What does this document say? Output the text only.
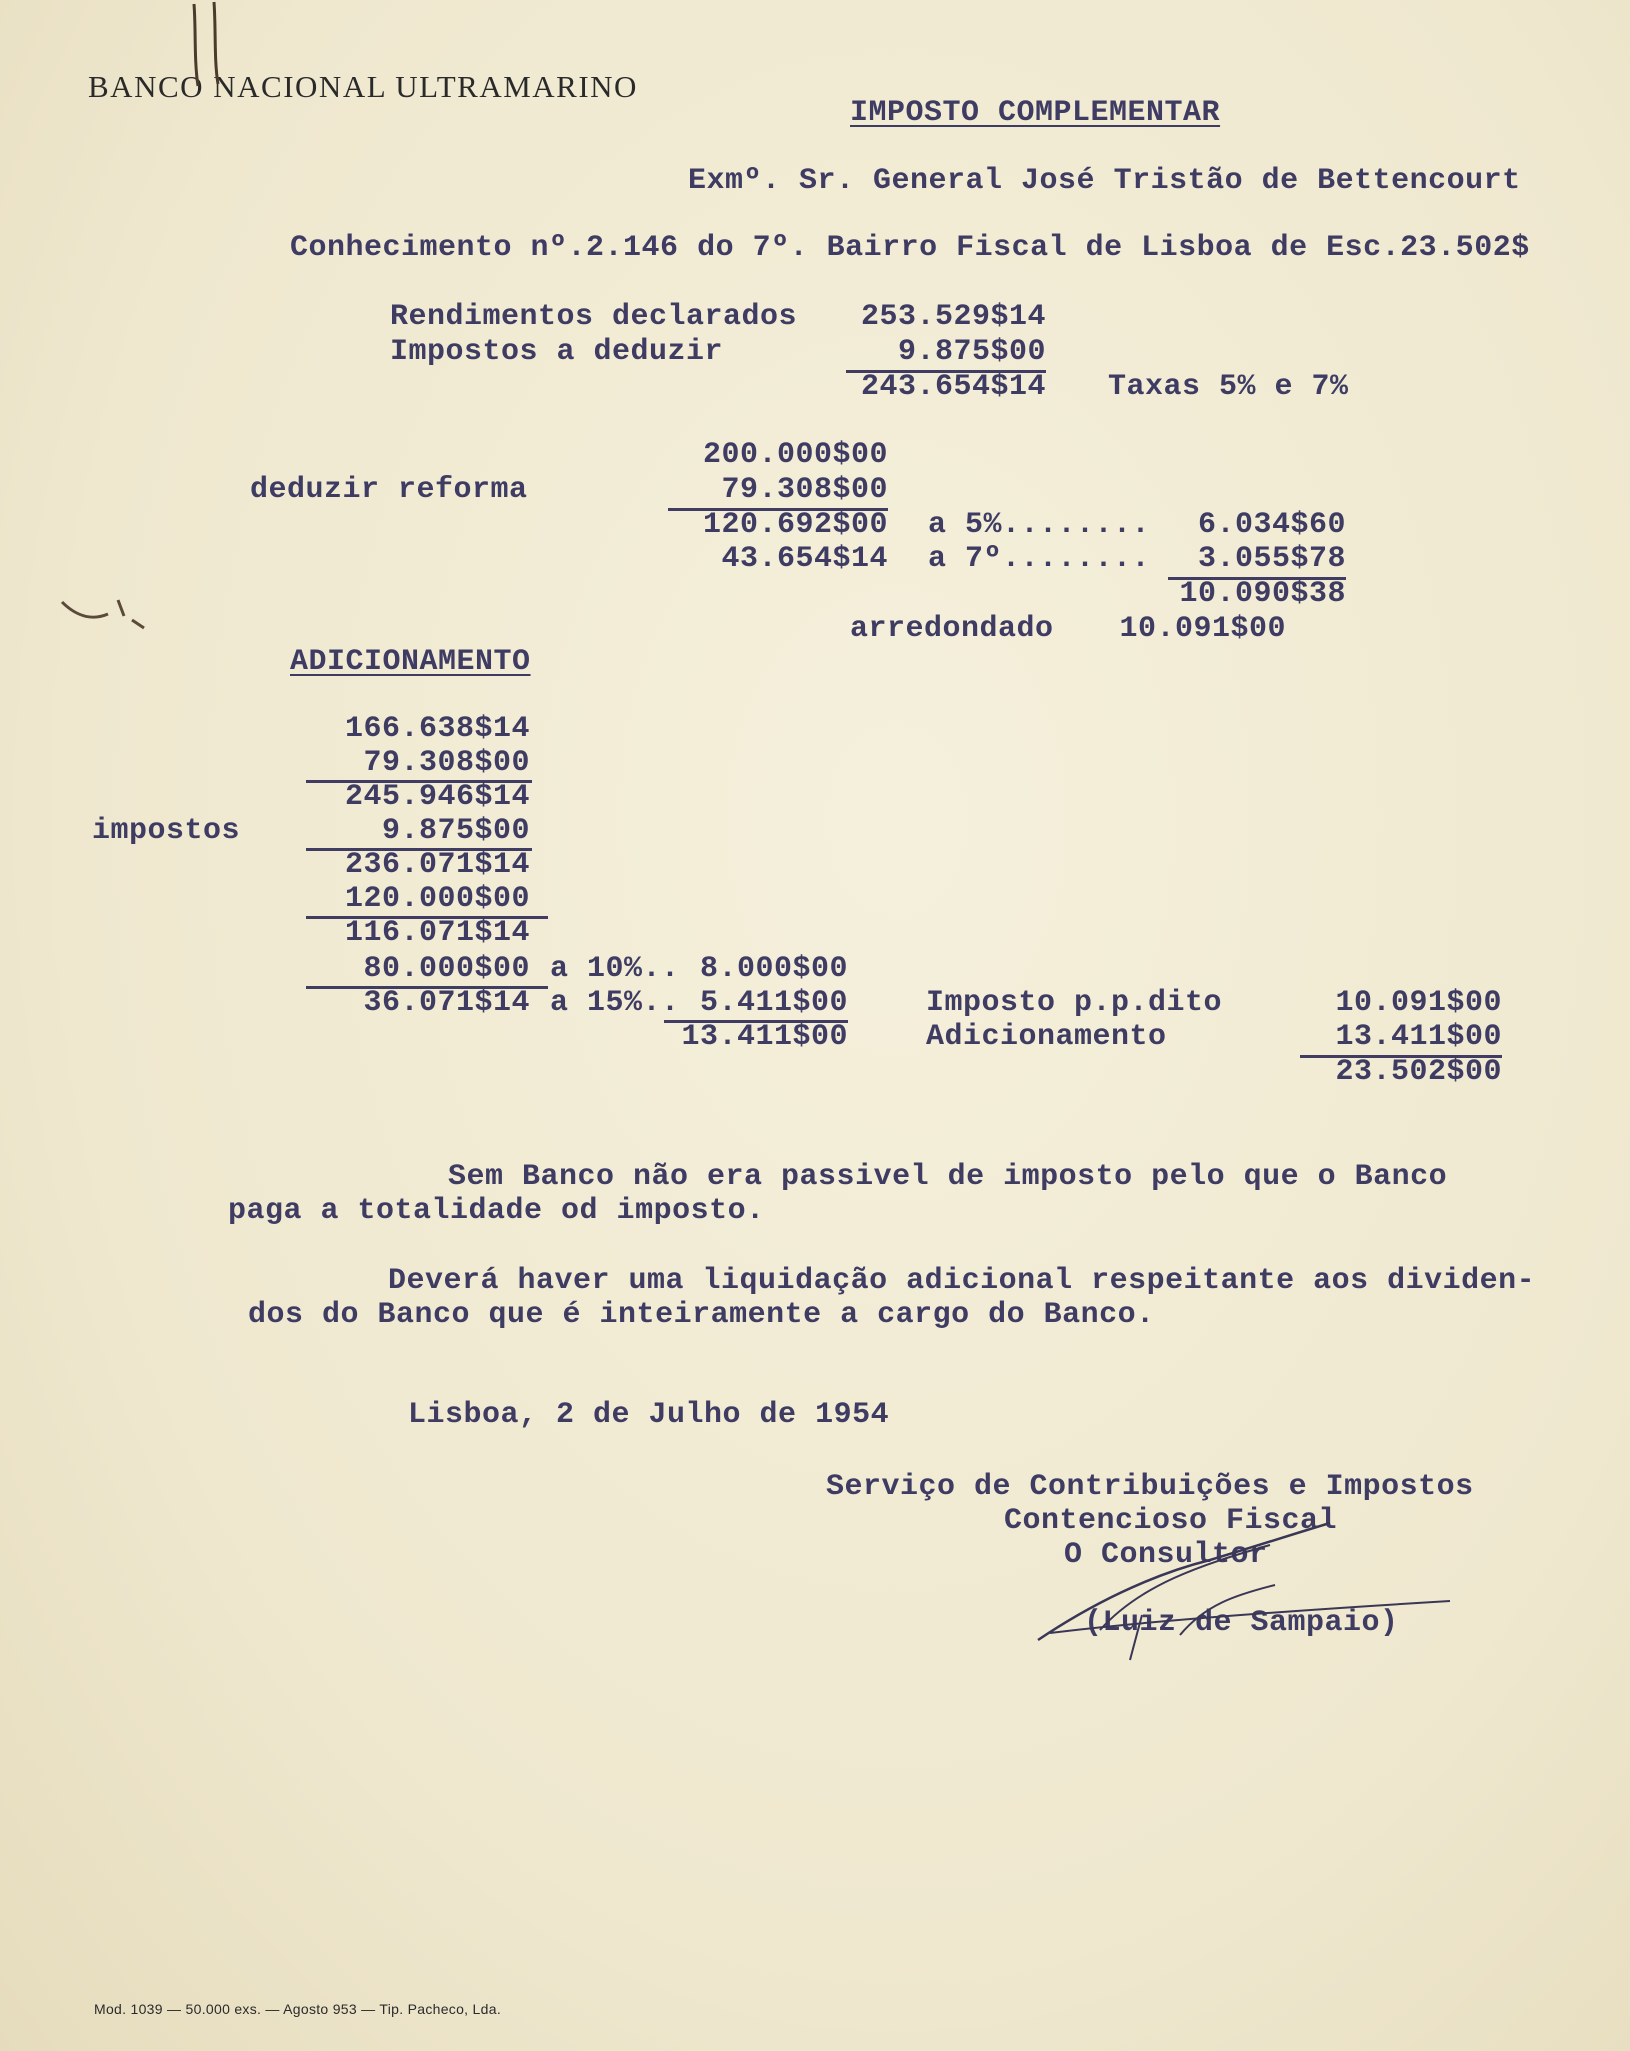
BANCO NACIONAL ULTRAMARINO
IMPOSTO COMPLEMENTAR
Exmº. Sr. General José Tristão de Bettencourt
Conhecimento nº.2.146 do 7º. Bairro Fiscal de Lisboa de Esc.23.502$
Rendimentos declarados	253.529$14
Impostos a deduzir	9.875$00
243.654$14 Taxas 5% e 7%
deduzir reforma
200.000$00
79.308$00
120.692$00 a 5%........	6.034$60
43.654$14 a 7º........	3.055$78
10.090$38
arredondado	10.091$00
ADICIONAMENTO
166.638$14
79.308$00
245.946$14
impostos	9.875$00
236.071$14
120.000$00
116.071$14
80.000$00 a 10%.. 8.000$00
36.071$14 a 15%.. 5.411$00
13.411$00
Imposto p.p.dito	10.091$00
Adicionamento	13.411$00
23.502$00
Sem Banco não era passivel de imposto pelo que o Banco
paga a totalidade od imposto.
Deverá haver uma liquidação adicional respeitante aos dividen-
dos do Banco que é inteiramente a cargo do Banco.
Lisboa, 2 de Julho de 1954
Serviço de Contribuições e Impostos
Contencioso Fiscal
O Consultor
(Luiz de Sampaio)
Mod. 1039 — 50.000 exs. — Agosto 953 — Tip. Pacheco, Lda.
